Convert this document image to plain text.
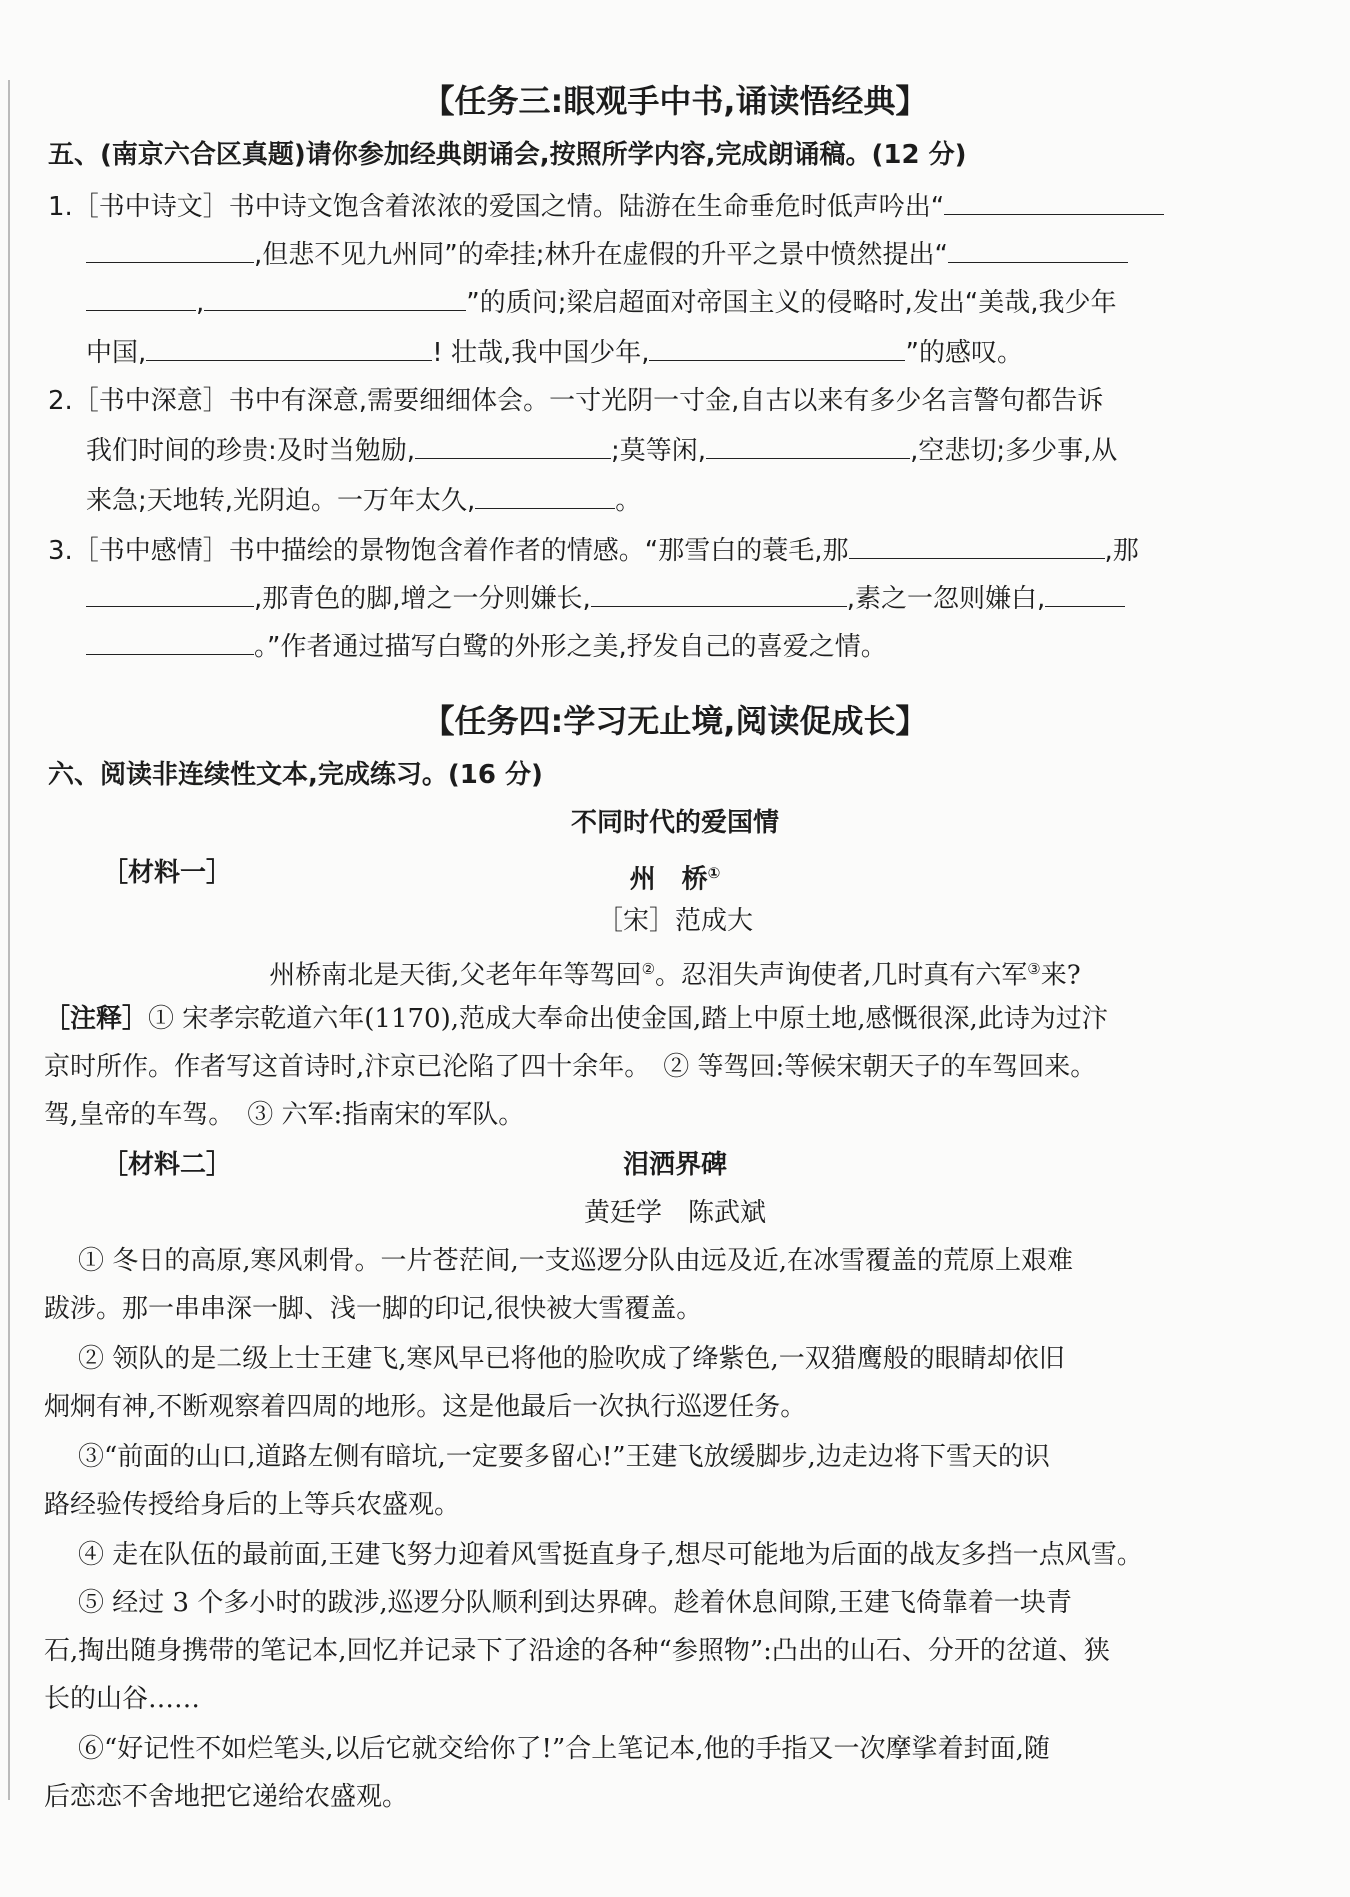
【任务三:眼观手中书,诵读悟经典】
五、(南京六合区真题)请你参加经典朗诵会,按照所学内容,完成朗诵稿。(12 分)
1.［书中诗文］书中诗文饱含着浓浓的爱国之情。陆游在生命垂危时低声吟出“
,但悲不见九州同”的牵挂;林升在虚假的升平之景中愤然提出“
,	”的质问;梁启超面对帝国主义的侵略时,发出“美哉,我少年
中国,	! 壮哉,我中国少年,	”的感叹。
2.［书中深意］书中有深意,需要细细体会。一寸光阴一寸金,自古以来有多少名言警句都告诉
我们时间的珍贵:及时当勉励,	;莫等闲,	,空悲切;多少事,从
来急;天地转,光阴迫。一万年太久,	。
3.［书中感情］书中描绘的景物饱含着作者的情感。“那雪白的蓑毛,那	,那
,那青色的脚,增之一分则嫌长,	,素之一忽则嫌白,
。”作者通过描写白鹭的外形之美,抒发自己的喜爱之情。
【任务四:学习无止境,阅读促成长】
六、阅读非连续性文本,完成练习。(16 分)
不同时代的爱国情
［材料一］	州　桥①
［宋］范成大
州桥南北是天街,父老年年等驾回②。忍泪失声询使者,几时真有六军③来?
［注释］① 宋孝宗乾道六年(1170),范成大奉命出使金国,踏上中原土地,感慨很深,此诗为过汴
京时所作。作者写这首诗时,汴京已沦陷了四十余年。　② 等驾回:等候宋朝天子的车驾回来。
驾,皇帝的车驾。　③ 六军:指南宋的军队。
［材料二］	泪洒界碑
黄廷学　陈武斌
① 冬日的高原,寒风刺骨。一片苍茫间,一支巡逻分队由远及近,在冰雪覆盖的荒原上艰难
跋涉。那一串串深一脚、浅一脚的印记,很快被大雪覆盖。
② 领队的是二级上士王建飞,寒风早已将他的脸吹成了绛紫色,一双猎鹰般的眼睛却依旧
炯炯有神,不断观察着四周的地形。这是他最后一次执行巡逻任务。
③“前面的山口,道路左侧有暗坑,一定要多留心!”王建飞放缓脚步,边走边将下雪天的识
路经验传授给身后的上等兵农盛观。
④ 走在队伍的最前面,王建飞努力迎着风雪挺直身子,想尽可能地为后面的战友多挡一点风雪。
⑤ 经过 3 个多小时的跋涉,巡逻分队顺利到达界碑。趁着休息间隙,王建飞倚靠着一块青
石,掏出随身携带的笔记本,回忆并记录下了沿途的各种“参照物”:凸出的山石、分开的岔道、狭
长的山谷……
⑥“好记性不如烂笔头,以后它就交给你了!”合上笔记本,他的手指又一次摩挲着封面,随
后恋恋不舍地把它递给农盛观。
